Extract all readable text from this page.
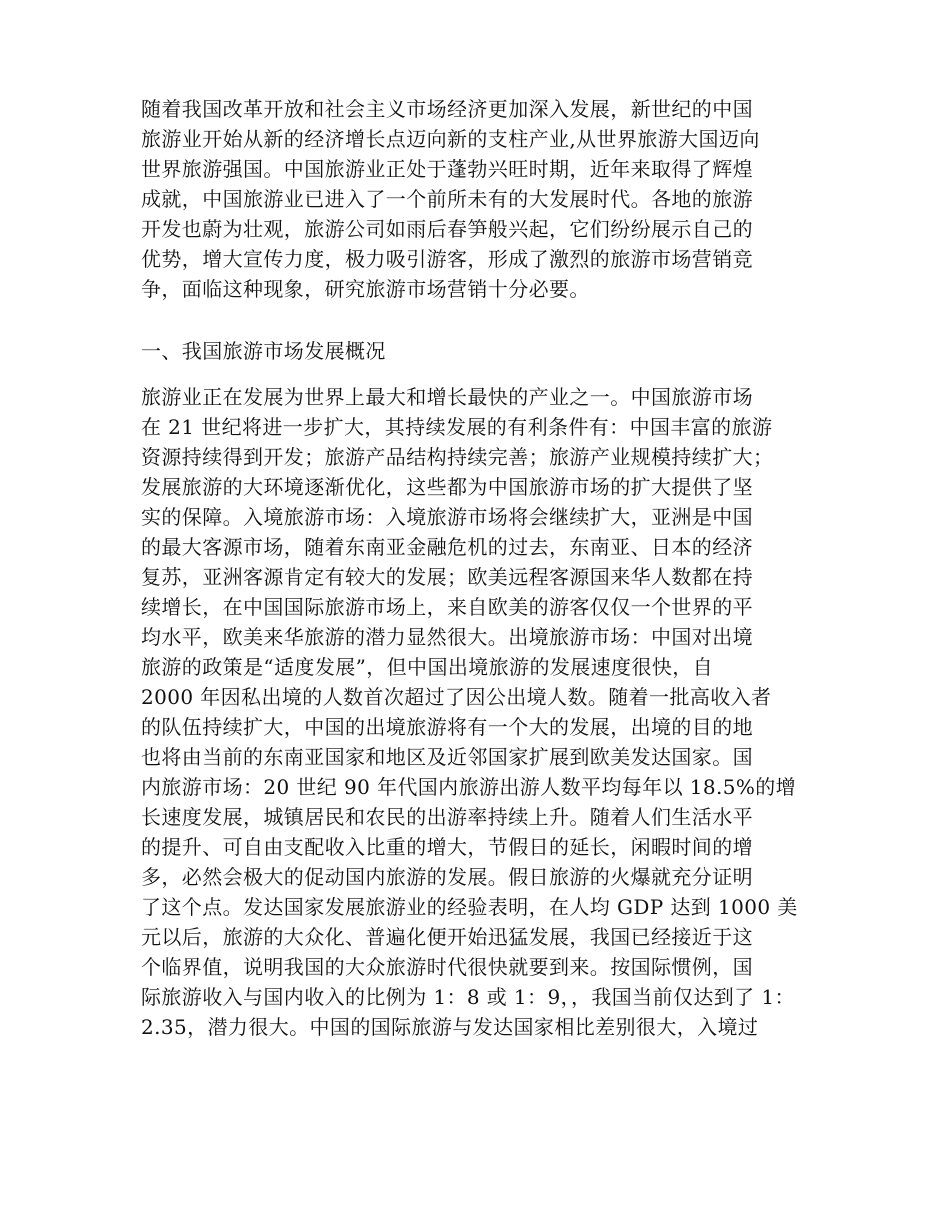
随着我国改革开放和社会主义市场经济更加深入发展，新世纪的中国
旅游业开始从新的经济增长点迈向新的支柱产业,从世界旅游大国迈向
世界旅游强国。中国旅游业正处于蓬勃兴旺时期，近年来取得了辉煌
成就，中国旅游业已进入了一个前所未有的大发展时代。各地的旅游
开发也蔚为壮观，旅游公司如雨后春笋般兴起，它们纷纷展示自己的
优势，增大宣传力度，极力吸引游客，形成了激烈的旅游市场营销竞
争，面临这种现象，研究旅游市场营销十分必要。
一、我国旅游市场发展概况
旅游业正在发展为世界上最大和增长最快的产业之一。中国旅游市场
在 21 世纪将进一步扩大，其持续发展的有利条件有：中国丰富的旅游
资源持续得到开发；旅游产品结构持续完善；旅游产业规模持续扩大；
发展旅游的大环境逐渐优化，这些都为中国旅游市场的扩大提供了坚
实的保障。入境旅游市场：入境旅游市场将会继续扩大，亚洲是中国
的最大客源市场，随着东南亚金融危机的过去，东南亚、日本的经济
复苏，亚洲客源肯定有较大的发展；欧美远程客源国来华人数都在持
续增长，在中国国际旅游市场上，来自欧美的游客仅仅一个世界的平
均水平，欧美来华旅游的潜力显然很大。出境旅游市场：中国对出境
旅游的政策是“适度发展”，但中国出境旅游的发展速度很快，自
2000 年因私出境的人数首次超过了因公出境人数。随着一批高收入者
的队伍持续扩大，中国的出境旅游将有一个大的发展，出境的目的地
也将由当前的东南亚国家和地区及近邻国家扩展到欧美发达国家。国
内旅游市场：20 世纪 90 年代国内旅游出游人数平均每年以 18.5%的增
长速度发展，城镇居民和农民的出游率持续上升。随着人们生活水平
的提升、可自由支配收入比重的增大，节假日的延长，闲暇时间的增
多，必然会极大的促动国内旅游的发展。假日旅游的火爆就充分证明
了这个点。发达国家发展旅游业的经验表明，在人均 GDP 达到 1000 美
元以后，旅游的大众化、普遍化便开始迅猛发展，我国已经接近于这
个临界值，说明我国的大众旅游时代很快就要到来。按国际惯例，国
际旅游收入与国内收入的比例为 1：8 或 1：9，，我国当前仅达到了 1：
2.35，潜力很大。中国的国际旅游与发达国家相比差别很大，入境过
